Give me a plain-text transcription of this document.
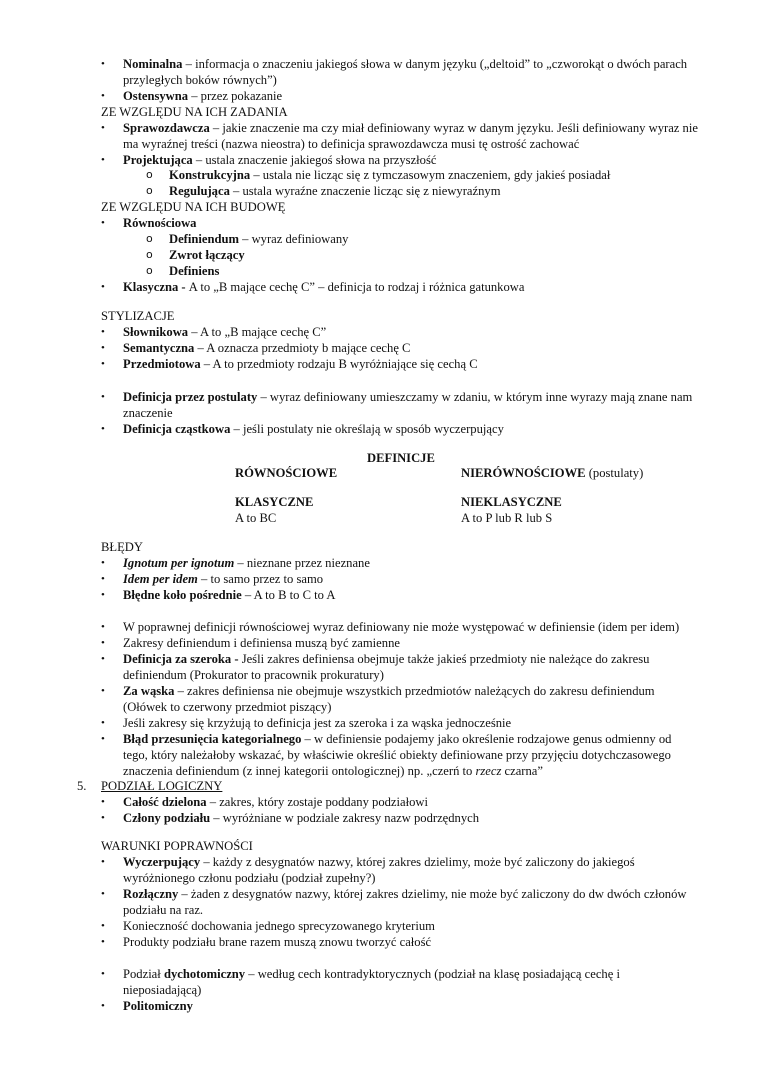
• Nominalna – informacja o znaczeniu jakiegoś słowa w danym języku („deltoid” to „czworokąt o dwóch parach
przyległych boków równych”)
• Ostensywna – przez pokazanie
ZE WZGLĘDU NA ICH ZADANIA
• Sprawozdawcza – jakie znaczenie ma czy miał definiowany wyraz w danym języku. Jeśli definiowany wyraz nie
ma wyraźnej treści (nazwa nieostra) to definicja sprawozdawcza musi tę ostrość zachować
• Projektująca – ustala znaczenie jakiegoś słowa na przyszłość
o Konstrukcyjna – ustala nie licząc się z tymczasowym znaczeniem, gdy jakieś posiadał
o Regulująca – ustala wyraźne znaczenie licząc się z niewyraźnym
ZE WZGLĘDU NA ICH BUDOWĘ
• Równościowa
o Definiendum – wyraz definiowany
o Zwrot łączący
o Definiens
• Klasyczna - A to „B mające cechę C” – definicja to rodzaj i różnica gatunkowa
STYLIZACJE
• Słownikowa – A to „B mające cechę C”
• Semantyczna – A oznacza przedmioty b mające cechę C
• Przedmiotowa – A to przedmioty rodzaju B wyróżniające się cechą C
• Definicja przez postulaty – wyraz definiowany umieszczamy w zdaniu, w którym inne wyrazy mają znane nam
znaczenie
• Definicja cząstkowa – jeśli postulaty nie określają w sposób wyczerpujący
DEFINICJE
RÓWNOŚCIOWE	NIERÓWNOŚCIOWE (postulaty)
KLASYCZNE	NIEKLASYCZNE
A to BC	A to P lub R lub S
BŁĘDY
• Ignotum per ignotum – nieznane przez nieznane
• Idem per idem – to samo przez to samo
• Błędne koło pośrednie – A to B to C to A
• W poprawnej definicji równościowej wyraz definiowany nie może występować w definiensie (idem per idem)
• Zakresy definiendum i definiensa muszą być zamienne
• Definicja za szeroka - Jeśli zakres definiensa obejmuje także jakieś przedmioty nie należące do zakresu
definiendum (Prokurator to pracownik prokuratury)
• Za wąska – zakres definiensa nie obejmuje wszystkich przedmiotów należących do zakresu definiendum
(Ołówek to czerwony przedmiot piszący)
• Jeśli zakresy się krzyżują to definicja jest za szeroka i za wąska jednocześnie
• Błąd przesunięcia kategorialnego – w definiensie podajemy jako określenie rodzajowe genus odmienny od
tego, który należałoby wskazać, by właściwie określić obiekty definiowane przy przyjęciu dotychczasowego
znaczenia definiendum (z innej kategorii ontologicznej) np. „czerń to rzecz czarna”
5. PODZIAŁ LOGICZNY
• Całość dzielona – zakres, który zostaje poddany podziałowi
• Człony podziału – wyróżniane w podziale zakresy nazw podrzędnych
WARUNKI POPRAWNOŚCI
• Wyczerpujący – każdy z desygnatów nazwy, której zakres dzielimy, może być zaliczony do jakiegoś
wyróżnionego członu podziału (podział zupełny?)
• Rozłączny – żaden z desygnatów nazwy, której zakres dzielimy, nie może być zaliczony do dw dwóch członów
podziału na raz.
• Konieczność dochowania jednego sprecyzowanego kryterium
• Produkty podziału brane razem muszą znowu tworzyć całość
• Podział dychotomiczny – według cech kontradyktorycznych (podział na klasę posiadającą cechę i
nieposiadającą)
• Politomiczny
